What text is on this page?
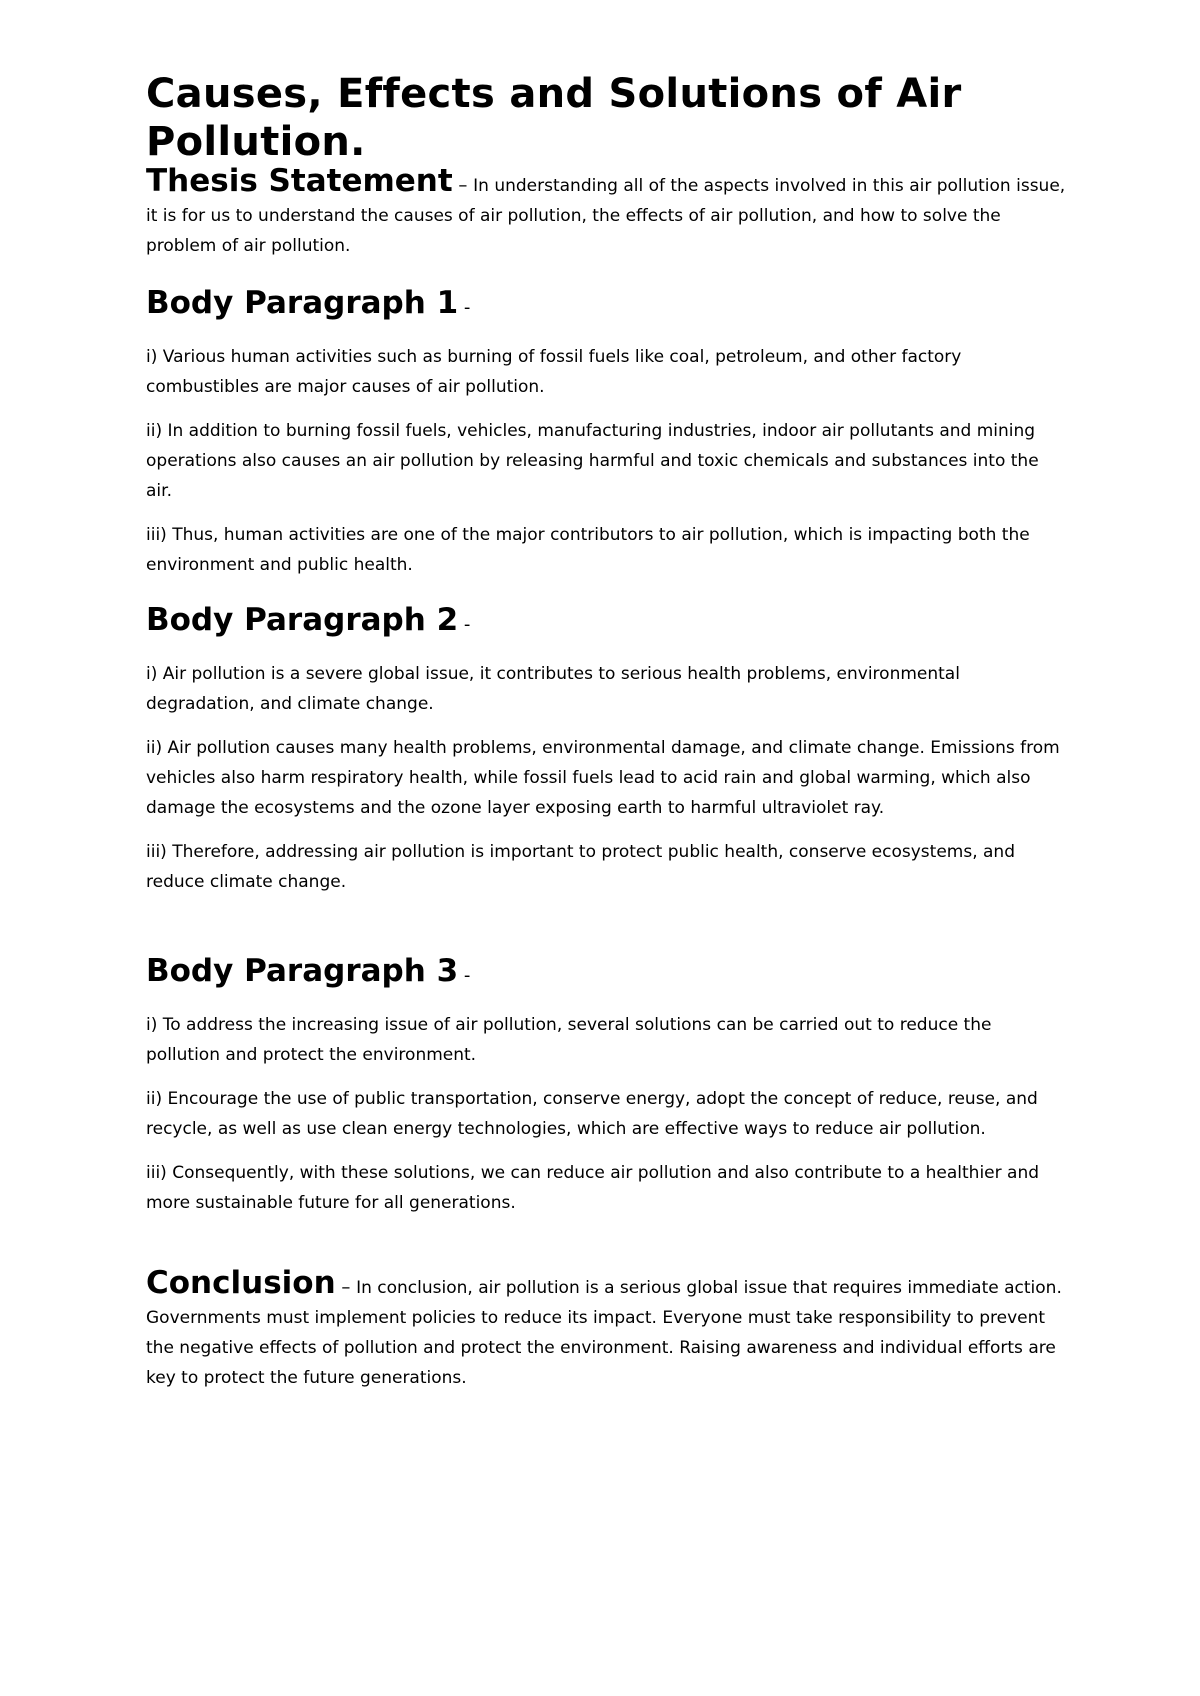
Causes, Effects and Solutions of Air Pollution.

Thesis Statement – In understanding all of the aspects involved in this air pollution issue, it is for us to understand the causes of air pollution, the effects of air pollution, and how to solve the problem of air pollution.

Body Paragraph 1 -

i) Various human activities such as burning of fossil fuels like coal, petroleum, and other factory combustibles are major causes of air pollution.

ii) In addition to burning fossil fuels, vehicles, manufacturing industries, indoor air pollutants and mining operations also causes an air pollution by releasing harmful and toxic chemicals and substances into the air.

iii) Thus, human activities are one of the major contributors to air pollution, which is impacting both the environment and public health.

Body Paragraph 2 -

i) Air pollution is a severe global issue, it contributes to serious health problems, environmental degradation, and climate change.

ii) Air pollution causes many health problems, environmental damage, and climate change. Emissions from vehicles also harm respiratory health, while fossil fuels lead to acid rain and global warming, which also damage the ecosystems and the ozone layer exposing earth to harmful ultraviolet ray.

iii) Therefore, addressing air pollution is important to protect public health, conserve ecosystems, and reduce climate change.

Body Paragraph 3 -

i) To address the increasing issue of air pollution, several solutions can be carried out to reduce the pollution and protect the environment.

ii) Encourage the use of public transportation, conserve energy, adopt the concept of reduce, reuse, and recycle, as well as use clean energy technologies, which are effective ways to reduce air pollution.

iii) Consequently, with these solutions, we can reduce air pollution and also contribute to a healthier and more sustainable future for all generations.

Conclusion – In conclusion, air pollution is a serious global issue that requires immediate action. Governments must implement policies to reduce its impact. Everyone must take responsibility to prevent the negative effects of pollution and protect the environment. Raising awareness and individual efforts are key to protect the future generations.
